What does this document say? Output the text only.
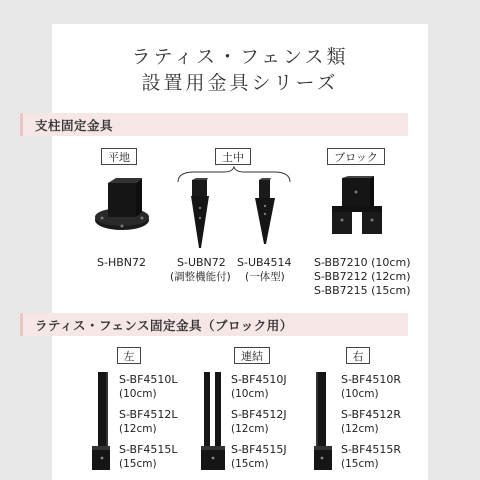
ラティス・フェンス類
設置用金具シリーズ
支柱固定金具
平地	土中	ブロック
S-HBN72	S-UBN72
(調整機能付)
S-UB4514
(一体型)
S-BB7210 (10cm)
S-BB7212 (12cm)
S-BB7215 (15cm)
ラティス・フェンス固定金具（ブロック用）
左	連結	右
S-BF4510L
(10cm)
S-BF4512L
(12cm)
S-BF4515L
(15cm)
S-BF4510J
(10cm)
S-BF4512J
(12cm)
S-BF4515J
(15cm)
S-BF4510R
(10cm)
S-BF4512R
(12cm)
S-BF4515R
(15cm)
